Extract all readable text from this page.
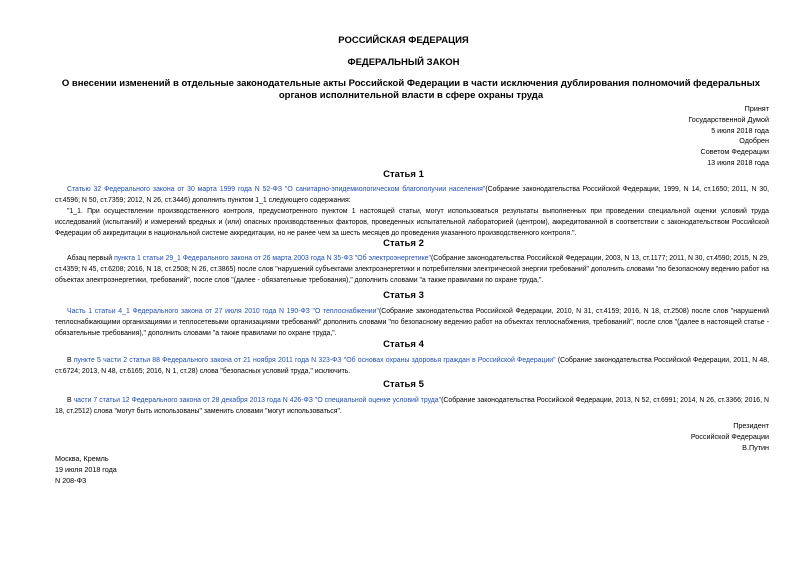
РОССИЙСКАЯ ФЕДЕРАЦИЯ
ФЕДЕРАЛЬНЫЙ ЗАКОН
О внесении изменений в отдельные законодательные акты Российской Федерации в части исключения дублирования полномочий федеральных органов исполнительной власти в сфере охраны труда
Принят
Государственной Думой
5 июля 2018 года
Одобрен
Советом Федерации
13 июля 2018 года
Статья 1
Статью 32 Федерального закона от 30 марта 1999 года N 52-ФЗ "О санитарно-эпидемиологическом благополучии населения"(Собрание законодательства Российской Федерации, 1999, N 14, ст.1650; 2011, N 30, ст.4596; N 50, ст.7359; 2012, N 26, ст.3446) дополнить пунктом 1_1 следующего содержания:
"1_1. При осуществлении производственного контроля, предусмотренного пунктом 1 настоящей статьи, могут использоваться результаты выполненных при проведении специальной оценки условий труда исследований (испытаний) и измерений вредных и (или) опасных производственных факторов, проведенных испытательной лабораторией (центром), аккредитованной в соответствии с законодательством Российской Федерации об аккредитации в национальной системе аккредитации, но не ранее чем за шесть месяцев до проведения указанного производственного контроля.".
Статья 2
Абзац первый пункта 1 статьи 29_1 Федерального закона от 26 марта 2003 года N 35-ФЗ "Об электроэнергетике"(Собрание законодательства Российской Федерации, 2003, N 13, ст.1177; 2011, N 30, ст.4590; 2015, N 29, ст.4359; N 45, ст.6208; 2016, N 18, ст.2508; N 26, ст.3865) после слов "нарушений субъектами электроэнергетики и потребителями электрической энергии требований" дополнить словами "по безопасному ведению работ на объектах электроэнергетики, требований", после слов "(далее - обязательные требования)," дополнить словами "а также правилами по охране труда,".
Статья 3
Часть 1 статьи 4_1 Федерального закона от 27 июля 2010 года N 190-ФЗ "О теплоснабжении"(Собрание законодательства Российской Федерации, 2010, N 31, ст.4159; 2016, N 18, ст.2508) после слов "нарушений теплоснабжающими организациями и теплосетевыми организациями требований" дополнить словами "по безопасному ведению работ на объектах теплоснабжения, требований", после слов "(далее в настоящей статье - обязательные требования)," дополнить словами "а также правилами по охране труда,".
Статья 4
В пункте 5 части 2 статьи 88 Федерального закона от 21 ноября 2011 года N 323-ФЗ "Об основах охраны здоровья граждан в Российской Федерации" (Собрание законодательства Российской Федерации, 2011, N 48, ст.6724; 2013, N 48, ст.6165; 2016, N 1, ст.28) слова "безопасных условий труда," исключить.
Статья 5
В части 7 статьи 12 Федерального закона от 28 декабря 2013 года N 426-ФЗ "О специальной оценке условий труда"(Собрание законодательства Российской Федерации, 2013, N 52, ст.6991; 2014, N 26, ст.3366; 2016, N 18, ст.2512) слова "могут быть использованы" заменить словами "могут использоваться".
Президент
Российской Федерации
В.Путин
Москва, Кремль
19 июля 2018 года
N 208-ФЗ
